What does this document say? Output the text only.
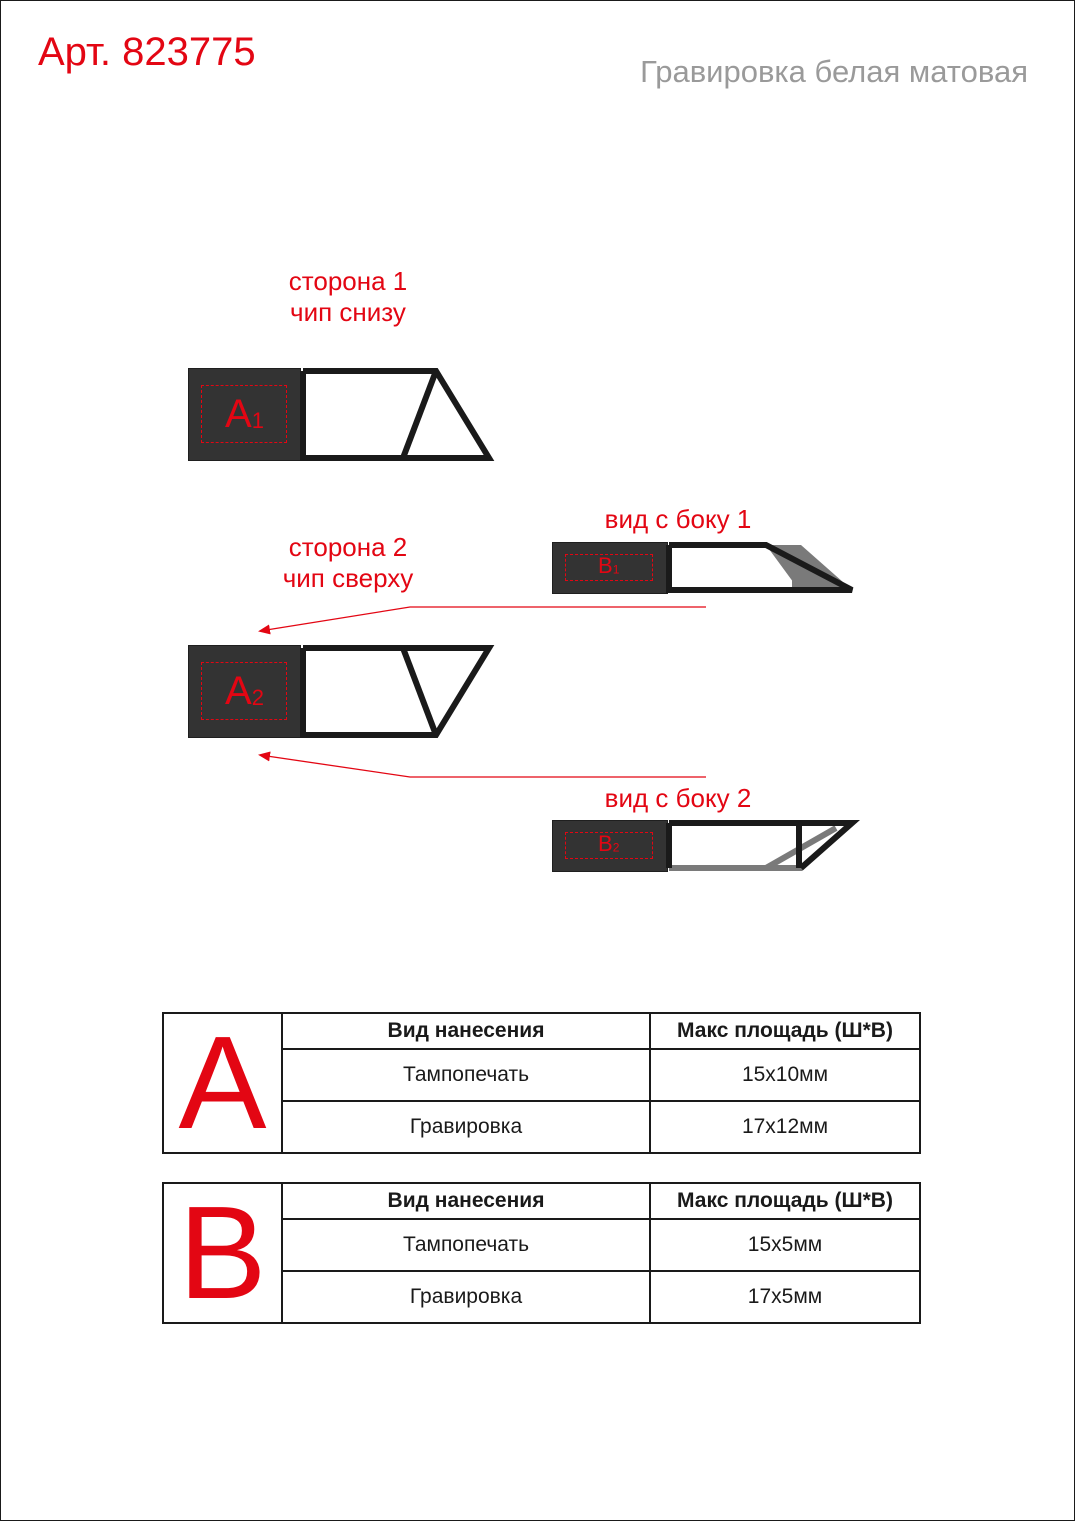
Арт. 823775	Гравировка белая матовая
сторона 1
чип снизу
$A_1$
вид с боку 1
$B_1$
сторона 2
чип сверху
$A_2$
вид с боку 2
$B_2$
A	Вид нанесения	Макс площадь (Ш*В)
	Тампопечать	15х10мм
	Гравировка	17х12мм
B	Вид нанесения	Макс площадь (Ш*В)
	Тампопечать	15х5мм
	Гравировка	17х5мм
